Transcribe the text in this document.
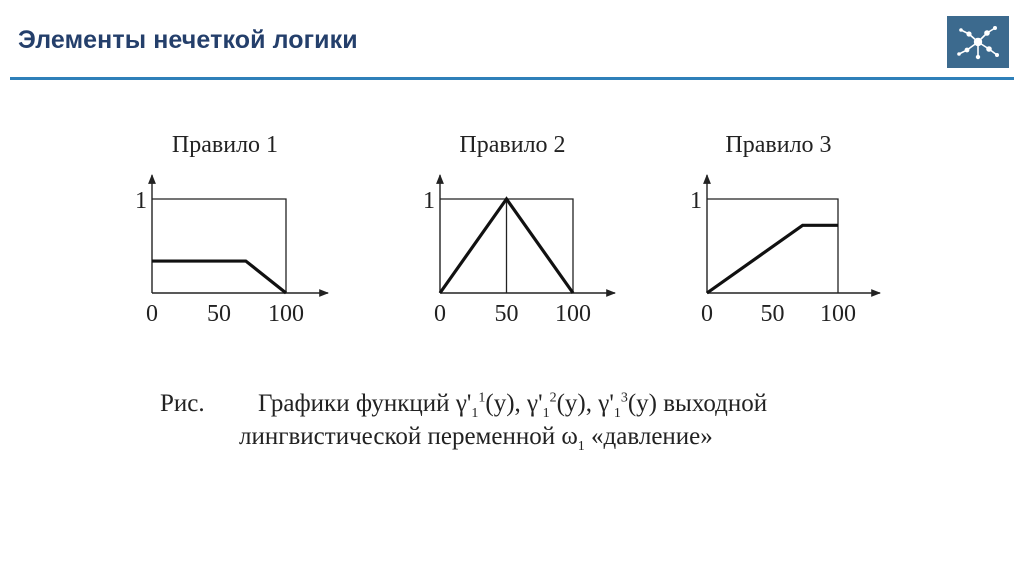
Элементы нечеткой логики
Правило 1
1
0 50 100
Правило 2
1
0 50 100
Правило 3
1
0 50 100
Рис. Графики функций $\gamma'_1^1(y)$, $\gamma'_1^2(y)$, $\gamma'_1^3(y)$ выходной
лингвистической переменной $\omega_1$ «давление»
